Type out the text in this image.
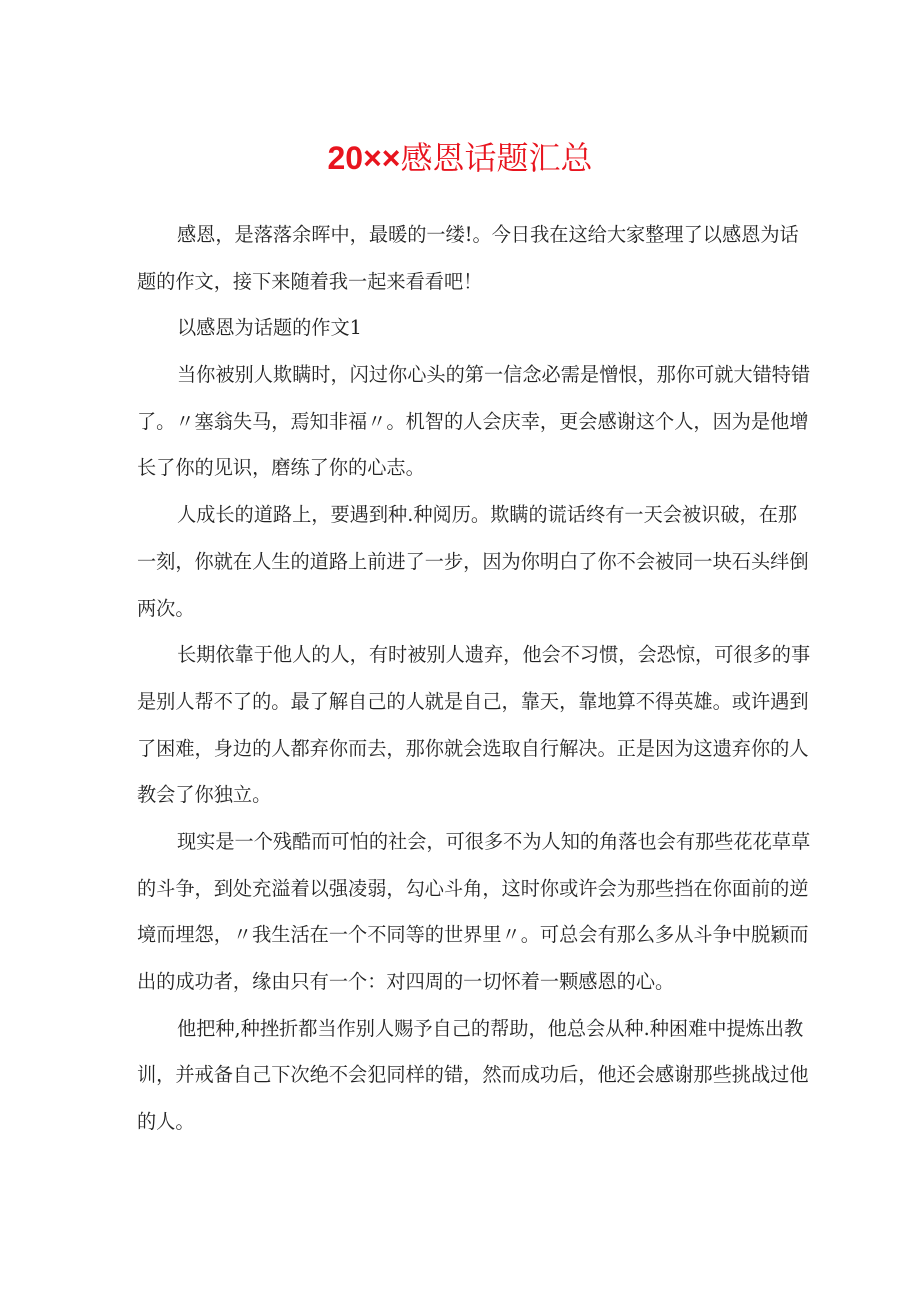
20××感恩话题汇总
感恩，是落落余晖中，最暖的一缕!。今日我在这给大家整理了以感恩为话
题的作文，接下来随着我一起来看看吧！
以感恩为话题的作文1
当你被别人欺瞒时，闪过你心头的第一信念必需是憎恨，那你可就大错特错
了。〃塞翁失马，焉知非福〃。机智的人会庆幸，更会感谢这个人，因为是他增
长了你的见识，磨练了你的心志。
人成长的道路上，要遇到种.种阅历。欺瞒的谎话终有一天会被识破，在那
一刻，你就在人生的道路上前进了一步，因为你明白了你不会被同一块石头绊倒
两次。
长期依靠于他人的人，有时被别人遗弃，他会不习惯，会恐惊，可很多的事
是别人帮不了的。最了解自己的人就是自己，靠天，靠地算不得英雄。或许遇到
了困难，身边的人都弃你而去，那你就会选取自行解决。正是因为这遗弃你的人
教会了你独立。
现实是一个残酷而可怕的社会，可很多不为人知的角落也会有那些花花草草
的斗争，到处充溢着以强凌弱，勾心斗角，这时你或许会为那些挡在你面前的逆
境而埋怨，〃我生活在一个不同等的世界里〃。可总会有那么多从斗争中脱颖而
出的成功者，缘由只有一个：对四周的一切怀着一颗感恩的心。
他把种,种挫折都当作别人赐予自己的帮助，他总会从种.种困难中提炼出教
训，并戒备自己下次绝不会犯同样的错，然而成功后，他还会感谢那些挑战过他
的人。
